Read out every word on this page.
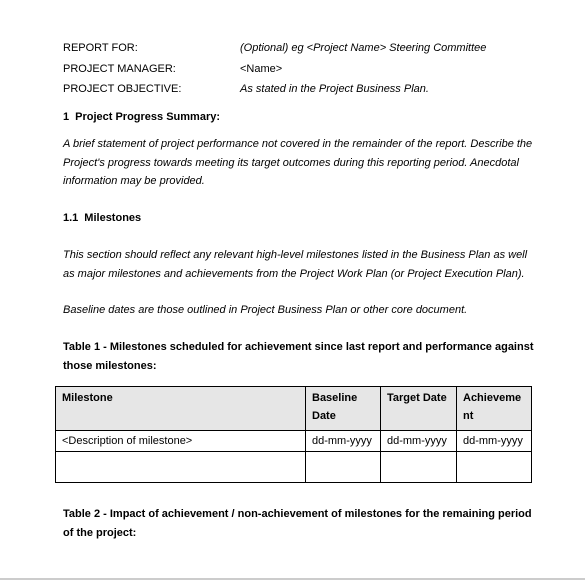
REPORT FOR:	(Optional) eg <Project Name> Steering Committee
PROJECT MANAGER:	<Name>
PROJECT OBJECTIVE:	As stated in the Project Business Plan.
1 Project Progress Summary:

A brief statement of project performance not covered in the remainder of the report. Describe the Project's progress towards meeting its target outcomes during this reporting period. Anecdotal information may be provided.

1.1 Milestones

This section should reflect any relevant high-level milestones listed in the Business Plan as well as major milestones and achievements from the Project Work Plan (or Project Execution Plan).

Baseline dates are those outlined in Project Business Plan or other core document.

Table 1 - Milestones scheduled for achievement since last report and performance against those milestones:

Milestone	Baseline Date	Target Date	Achievement
<Description of milestone>	dd-mm-yyyy	dd-mm-yyyy	dd-mm-yyyy

Table 2 - Impact of achievement / non-achievement of milestones for the remaining period of the project:
